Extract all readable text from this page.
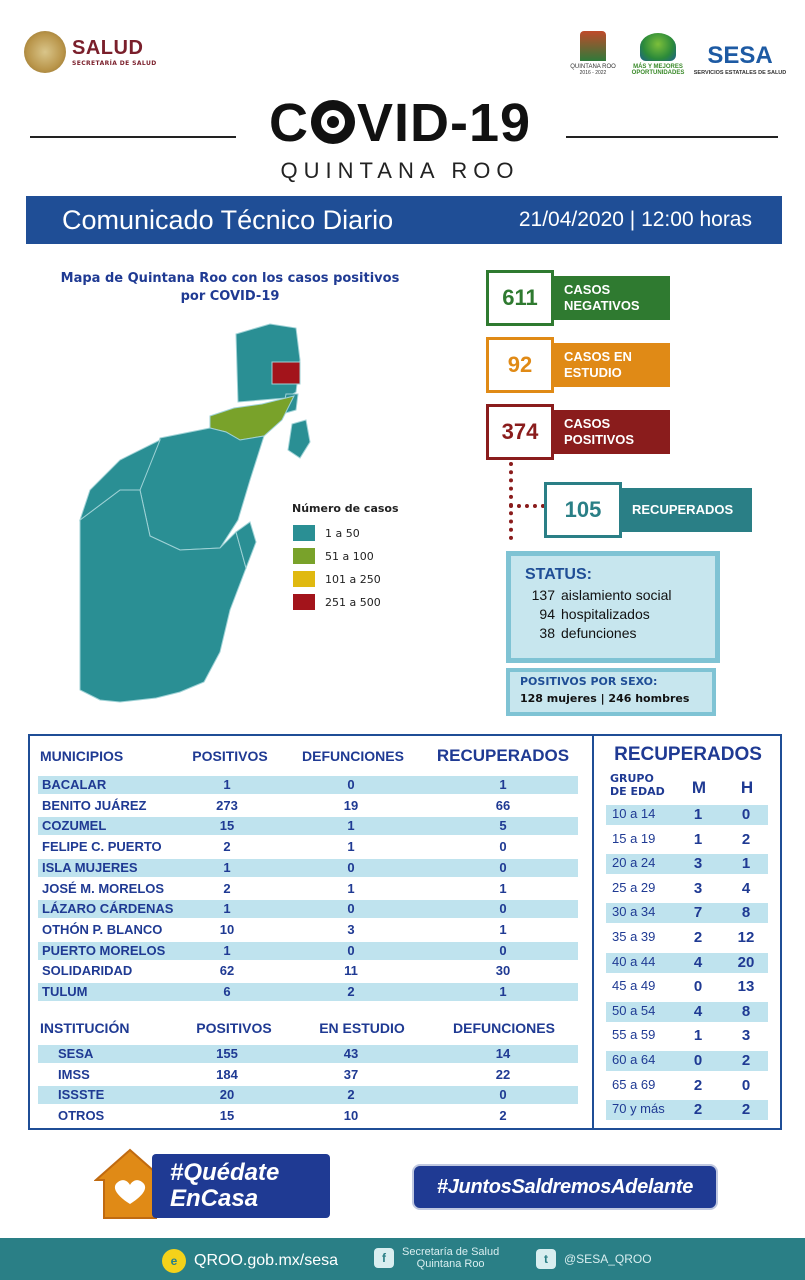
SALUD
SECRETARÍA DE SALUD	QUINTANA ROO
2016 - 2022
MÁS Y MEJORES OPORTUNIDADES
SESA
SERVICIOS ESTATALES DE SALUD
C VID-19
QUINTANA ROO
Comunicado Técnico Diario	21/04/2020 | 12:00 horas
Mapa de Quintana Roo con los casos positivos por COVID-19
Número de casos
1 a 50
51 a 100
101 a 250
251 a 500
611	CASOS NEGATIVOS
92	CASOS EN ESTUDIO
374	CASOS POSITIVOS
105	RECUPERADOS
STATUS:
137 aislamiento social
94 hospitalizados
38 defunciones
POSITIVOS POR SEXO:
128 mujeres | 246 hombres
MUNICIPIOS	POSITIVOS	DEFUNCIONES	RECUPERADOS
BACALAR	1	0	1
BENITO JUÁREZ	273	19	66
COZUMEL	15	1	5
FELIPE C. PUERTO	2	1	0
ISLA MUJERES	1	0	0
JOSÉ M. MORELOS	2	1	1
LÁZARO CÁRDENAS	1	0	0
OTHÓN P. BLANCO	10	3	1
PUERTO MORELOS	1	0	0
SOLIDARIDAD	62	11	30
TULUM	6	2	1
INSTITUCIÓN	POSITIVOS	EN ESTUDIO	DEFUNCIONES
SESA	155	43	14
IMSS	184	37	22
ISSSTE	20	2	0
OTROS	15	10	2
RECUPERADOS
GRUPO DE EDAD	M	H
10 a 14	1	0
15 a 19	1	2
20 a 24	3	1
25 a 29	3	4
30 a 34	7	8
35 a 39	2	12
40 a 44	4	20
45 a 49	0	13
50 a 54	4	8
55 a 59	1	3
60 a 64	0	2
65 a 69	2	0
70 y más	2	2
#Quédate
EnCasa	#JuntosSaldremosAdelante
e	QROO.gob.mx/sesa	f	Secretaría de Salud
Quintana Roo	t	@SESA_QROO
